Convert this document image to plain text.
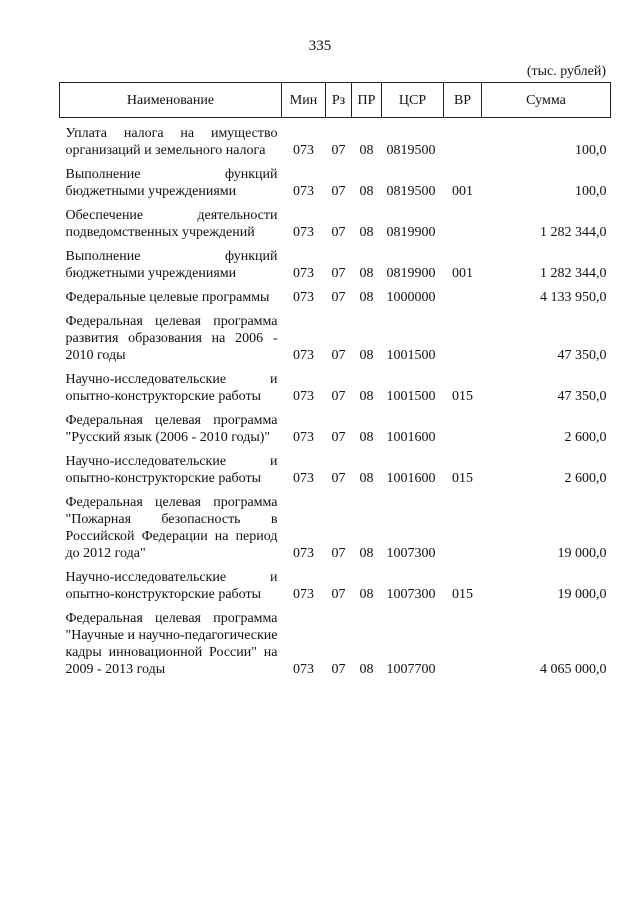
335
(тыс. рублей)
Наименование	Мин	Рз	ПР	ЦСР	ВР	Сумма
Уплата налога на имущество организаций и земельного налога	073	07	08	0819500		100,0
Выполнение функций бюджетными учреждениями	073	07	08	0819500	001	100,0
Обеспечение деятельности подведомственных учреждений	073	07	08	0819900		1 282 344,0
Выполнение функций бюджетными учреждениями	073	07	08	0819900	001	1 282 344,0
Федеральные целевые программы	073	07	08	1000000		4 133 950,0
Федеральная целевая программа развития образования на 2006 - 2010 годы	073	07	08	1001500		47 350,0
Научно-исследовательские и опытно-конструкторские работы	073	07	08	1001500	015	47 350,0
Федеральная целевая программа "Русский язык (2006 - 2010 годы)"	073	07	08	1001600		2 600,0
Научно-исследовательские и опытно-конструкторские работы	073	07	08	1001600	015	2 600,0
Федеральная целевая программа "Пожарная безопасность в Российской Федерации на период до 2012 года"	073	07	08	1007300		19 000,0
Научно-исследовательские и опытно-конструкторские работы	073	07	08	1007300	015	19 000,0
Федеральная целевая программа "Научные и научно-педагогические кадры инновационной России" на 2009 - 2013 годы	073	07	08	1007700		4 065 000,0
